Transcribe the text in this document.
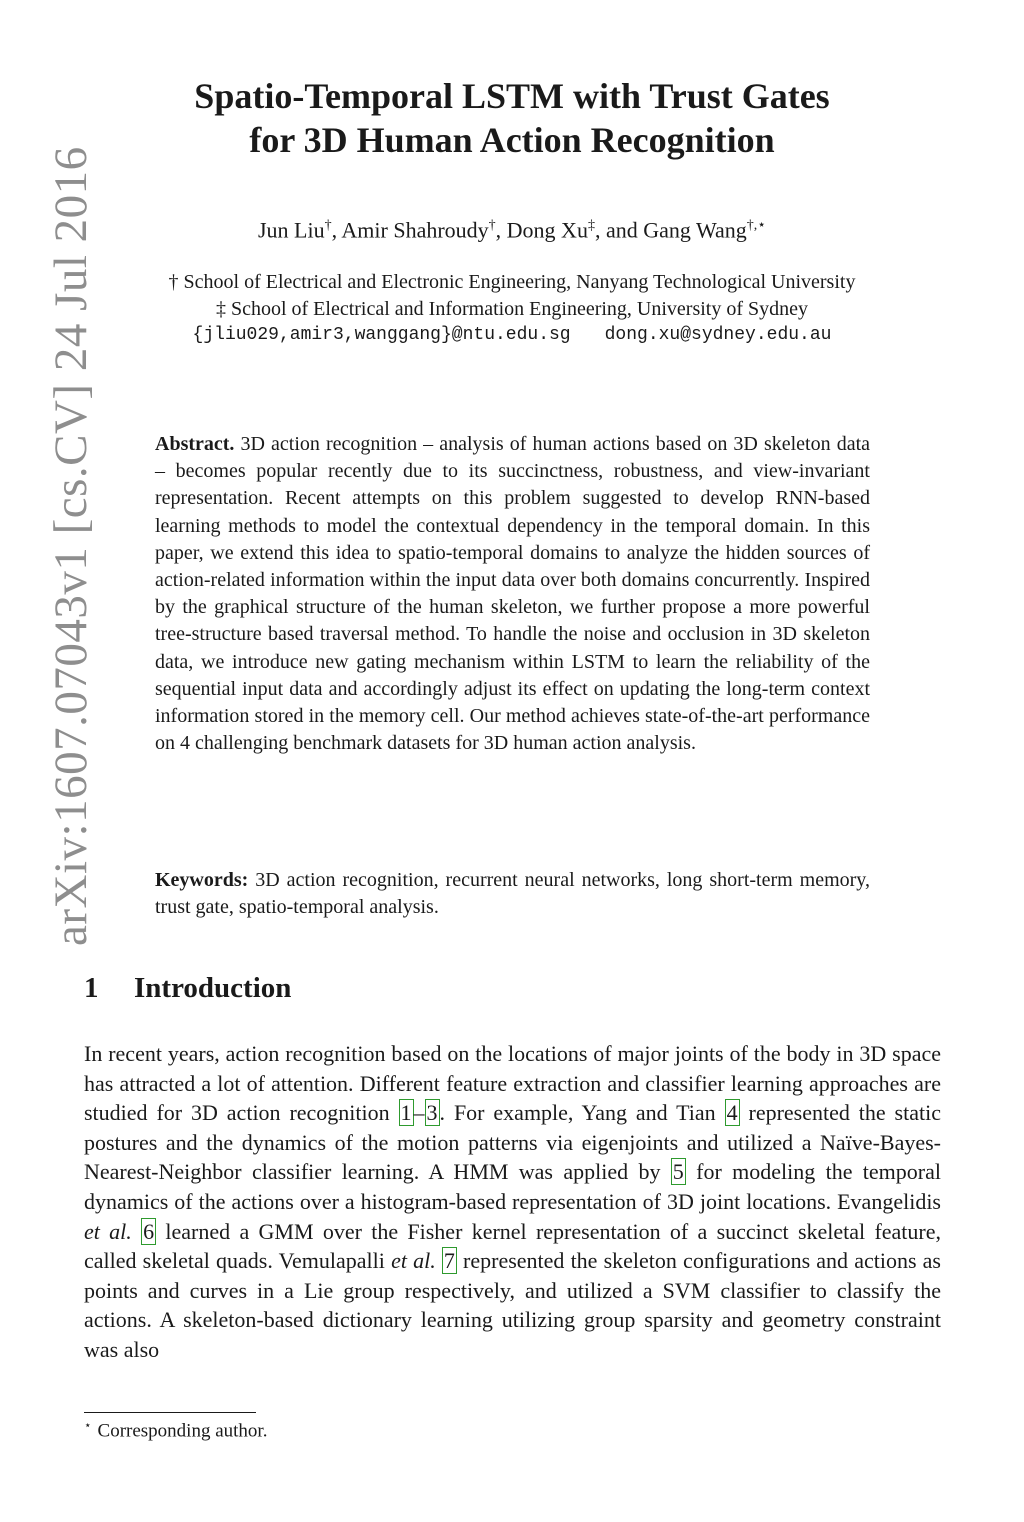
arXiv:1607.07043v1 [cs.CV] 24 Jul 2016
Spatio-Temporal LSTM with Trust Gates
for 3D Human Action Recognition
Jun Liu†, Amir Shahroudy†, Dong Xu‡, and Gang Wang†,⋆
† School of Electrical and Electronic Engineering, Nanyang Technological University
‡ School of Electrical and Information Engineering, University of Sydney
{jliu029,amir3,wanggang}@ntu.edu.sg dong.xu@sydney.edu.au

Abstract. 3D action recognition – analysis of human actions based on 3D skeleton data – becomes popular recently due to its succinctness, robustness, and view-invariant representation. Recent attempts on this problem suggested to develop RNN-based learning methods to model the contextual dependency in the temporal domain. In this paper, we extend this idea to spatio-temporal domains to analyze the hidden sources of action-related information within the input data over both domains concurrently. Inspired by the graphical structure of the human skeleton, we further propose a more powerful tree-structure based traversal method. To handle the noise and occlusion in 3D skeleton data, we introduce new gating mechanism within LSTM to learn the reliability of the sequential input data and accordingly adjust its effect on updating the long-term context information stored in the memory cell. Our method achieves state-of-the-art performance on 4 challenging benchmark datasets for 3D human action analysis.

Keywords: 3D action recognition, recurrent neural networks, long short-term memory, trust gate, spatio-temporal analysis.

1 Introduction

In recent years, action recognition based on the locations of major joints of the body in 3D space has attracted a lot of attention. Different feature extraction and classifier learning approaches are studied for 3D action recognition 1–3. For example, Yang and Tian 4 represented the static postures and the dynamics of the motion patterns via eigenjoints and utilized a Naïve-Bayes-Nearest-Neighbor classifier learning. A HMM was applied by 5 for modeling the temporal dynamics of the actions over a histogram-based representation of 3D joint locations. Evangelidis et al. 6 learned a GMM over the Fisher kernel representation of a succinct skeletal feature, called skeletal quads. Vemulapalli et al. 7 represented the skeleton configurations and actions as points and curves in a Lie group respectively, and utilized a SVM classifier to classify the actions. A skeleton-based dictionary learning utilizing group sparsity and geometry constraint was also

⋆ Corresponding author.
